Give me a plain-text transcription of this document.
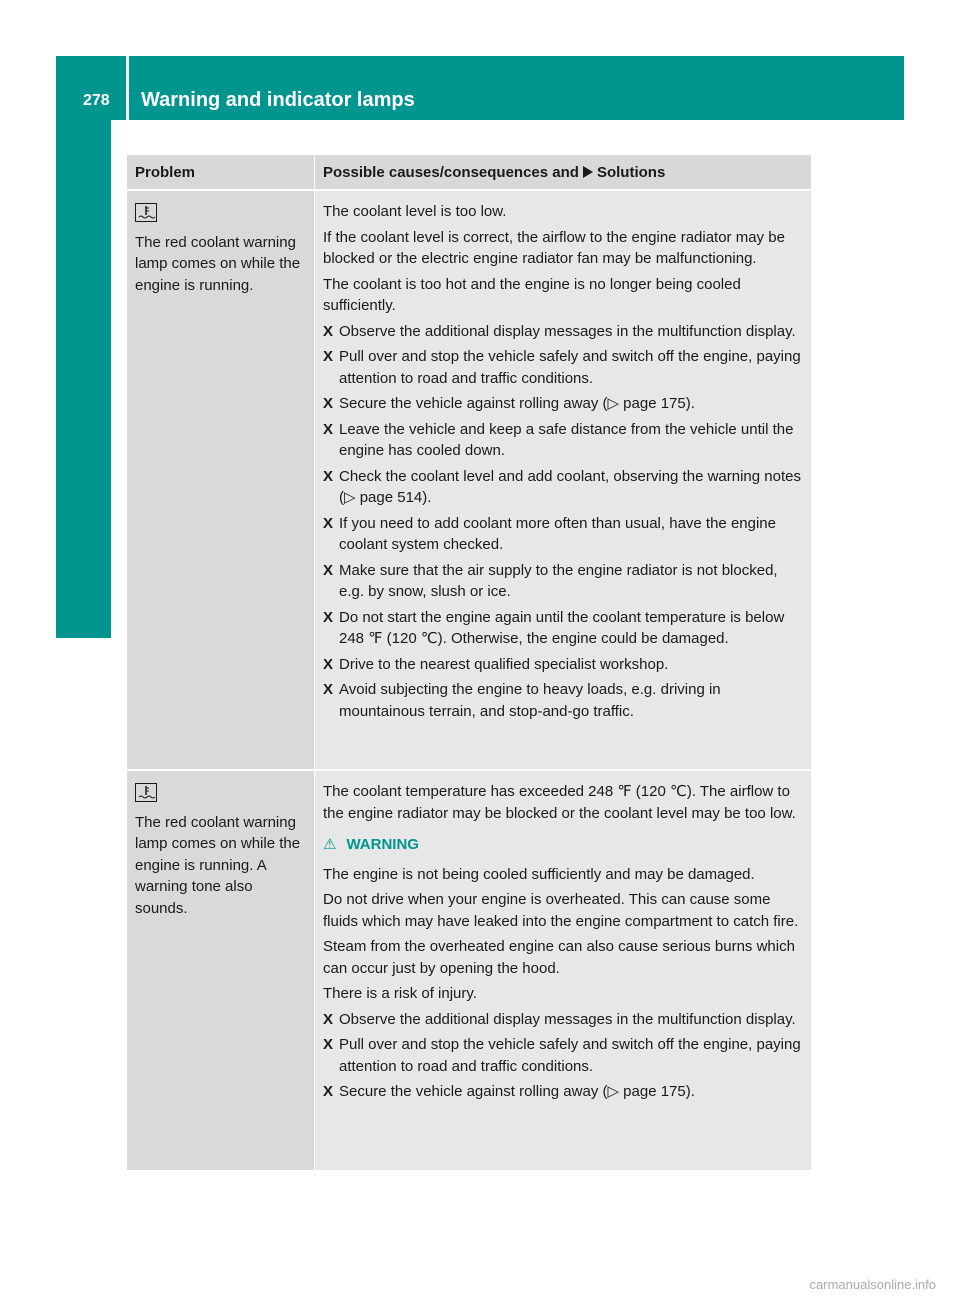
278 Warning and indicator lamps
On-board computer and displays
Problem	Possible causes/consequences and Solutions
The red coolant warning lamp comes on while the engine is running.

The coolant level is too low.

If the coolant level is correct, the airflow to the engine radiator may be blocked or the electric engine radiator fan may be malfunctioning.

The coolant is too hot and the engine is no longer being cooled sufficiently.

X Observe the additional display messages in the multifunction display.
X Pull over and stop the vehicle safely and switch off the engine, paying attention to road and traffic conditions.
X Secure the vehicle against rolling away (▷ page 175).
X Leave the vehicle and keep a safe distance from the vehicle until the engine has cooled down.
X Check the coolant level and add coolant, observing the warning notes (▷ page 514).
X If you need to add coolant more often than usual, have the engine coolant system checked.
X Make sure that the air supply to the engine radiator is not blocked, e.g. by snow, slush or ice.
X Do not start the engine again until the coolant temperature is below 248 ℉ (120 ℃). Otherwise, the engine could be damaged.
X Drive to the nearest qualified specialist workshop.
X Avoid subjecting the engine to heavy loads, e.g. driving in mountainous terrain, and stop-and-go traffic.
The red coolant warning lamp comes on while the engine is running. A warning tone also sounds.

The coolant temperature has exceeded 248 ℉ (120 ℃). The airflow to the engine radiator may be blocked or the coolant level may be too low.

⚠ WARNING

The engine is not being cooled sufficiently and may be damaged.

Do not drive when your engine is overheated. This can cause some fluids which may have leaked into the engine compartment to catch fire.

Steam from the overheated engine can also cause serious burns which can occur just by opening the hood.

There is a risk of injury.

X Observe the additional display messages in the multifunction display.
X Pull over and stop the vehicle safely and switch off the engine, paying attention to road and traffic conditions.
X Secure the vehicle against rolling away (▷ page 175).
carmanualsonline.info
